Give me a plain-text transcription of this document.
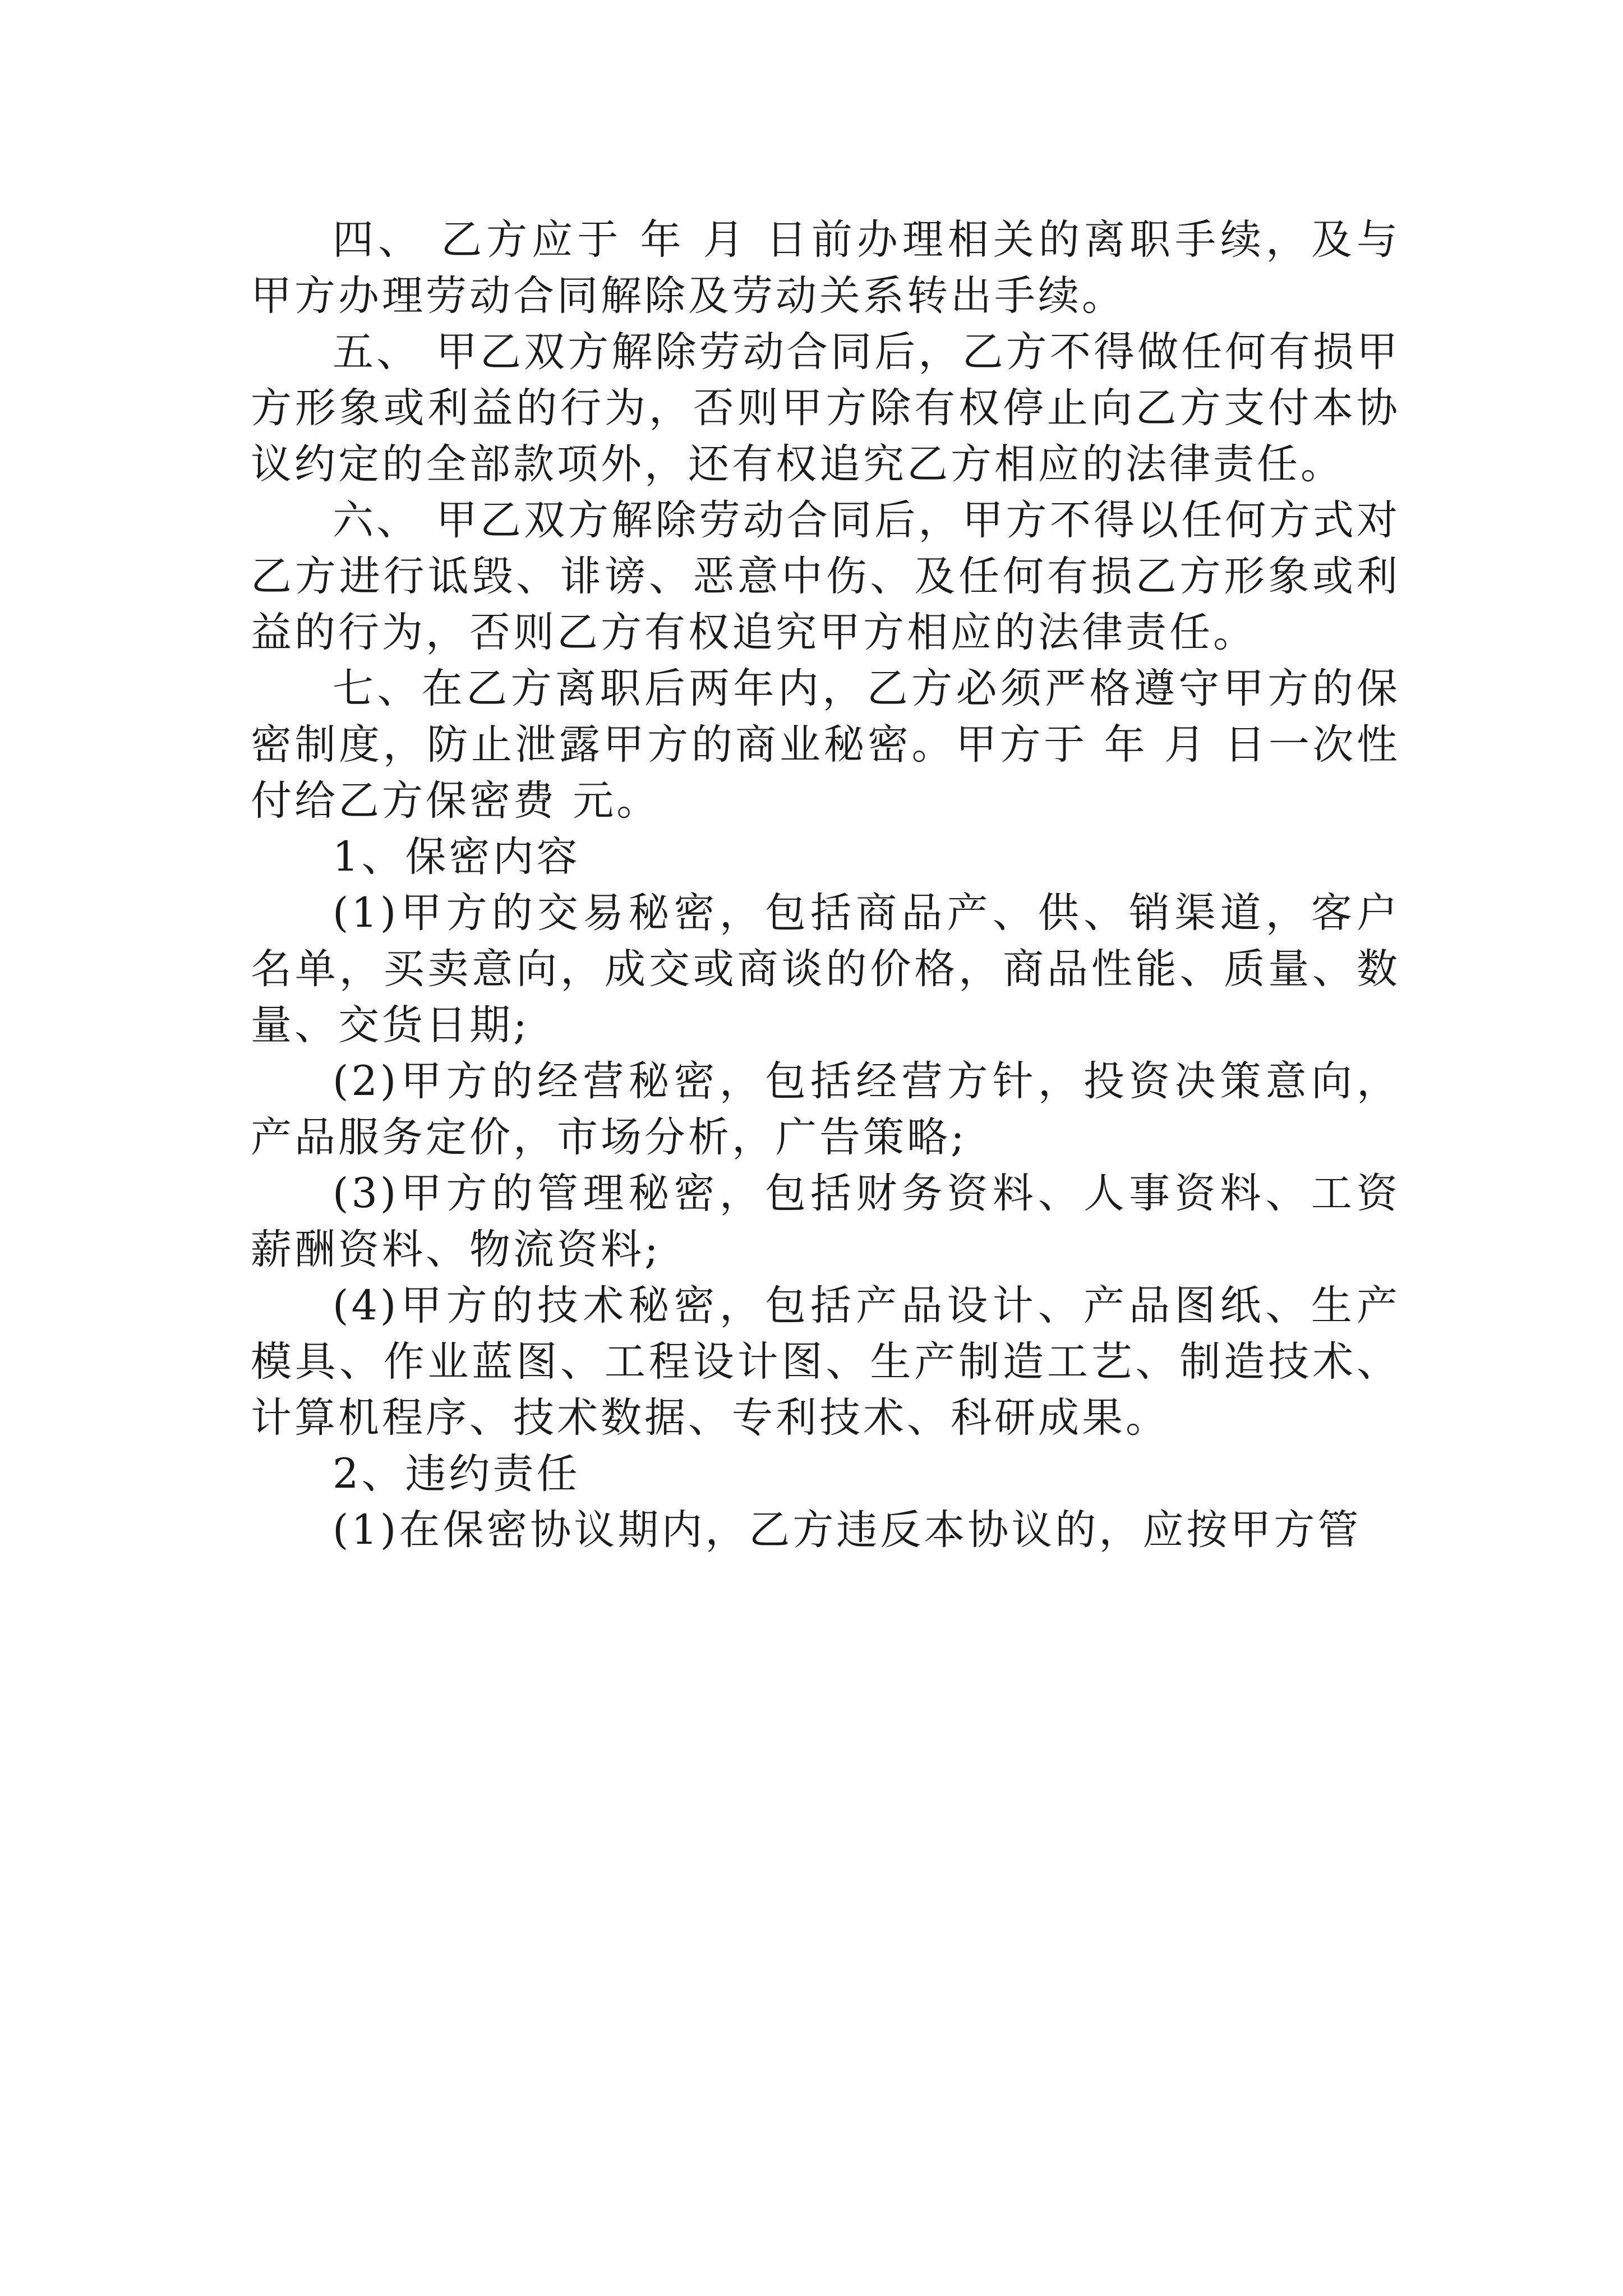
四、 乙方应于 年 月 日前办理相关的离职手续，及与甲方办理劳动合同解除及劳动关系转出手续。

五、 甲乙双方解除劳动合同后，乙方不得做任何有损甲方形象或利益的行为，否则甲方除有权停止向乙方支付本协议约定的全部款项外，还有权追究乙方相应的法律责任。

六、 甲乙双方解除劳动合同后，甲方不得以任何方式对乙方进行诋毁、诽谤、恶意中伤、及任何有损乙方形象或利益的行为，否则乙方有权追究甲方相应的法律责任。

七、在乙方离职后两年内，乙方必须严格遵守甲方的保密制度，防止泄露甲方的商业秘密。甲方于 年 月 日一次性付给乙方保密费 元。

1、保密内容

(1)甲方的交易秘密，包括商品产、供、销渠道，客户名单，买卖意向，成交或商谈的价格，商品性能、质量、数量、交货日期;

(2)甲方的经营秘密，包括经营方针，投资决策意向，产品服务定价，市场分析，广告策略;

(3)甲方的管理秘密，包括财务资料、人事资料、工资薪酬资料、物流资料;

(4)甲方的技术秘密，包括产品设计、产品图纸、生产模具、作业蓝图、工程设计图、生产制造工艺、制造技术、计算机程序、技术数据、专利技术、科研成果。

2、违约责任

(1)在保密协议期内，乙方违反本协议的，应按甲方管
